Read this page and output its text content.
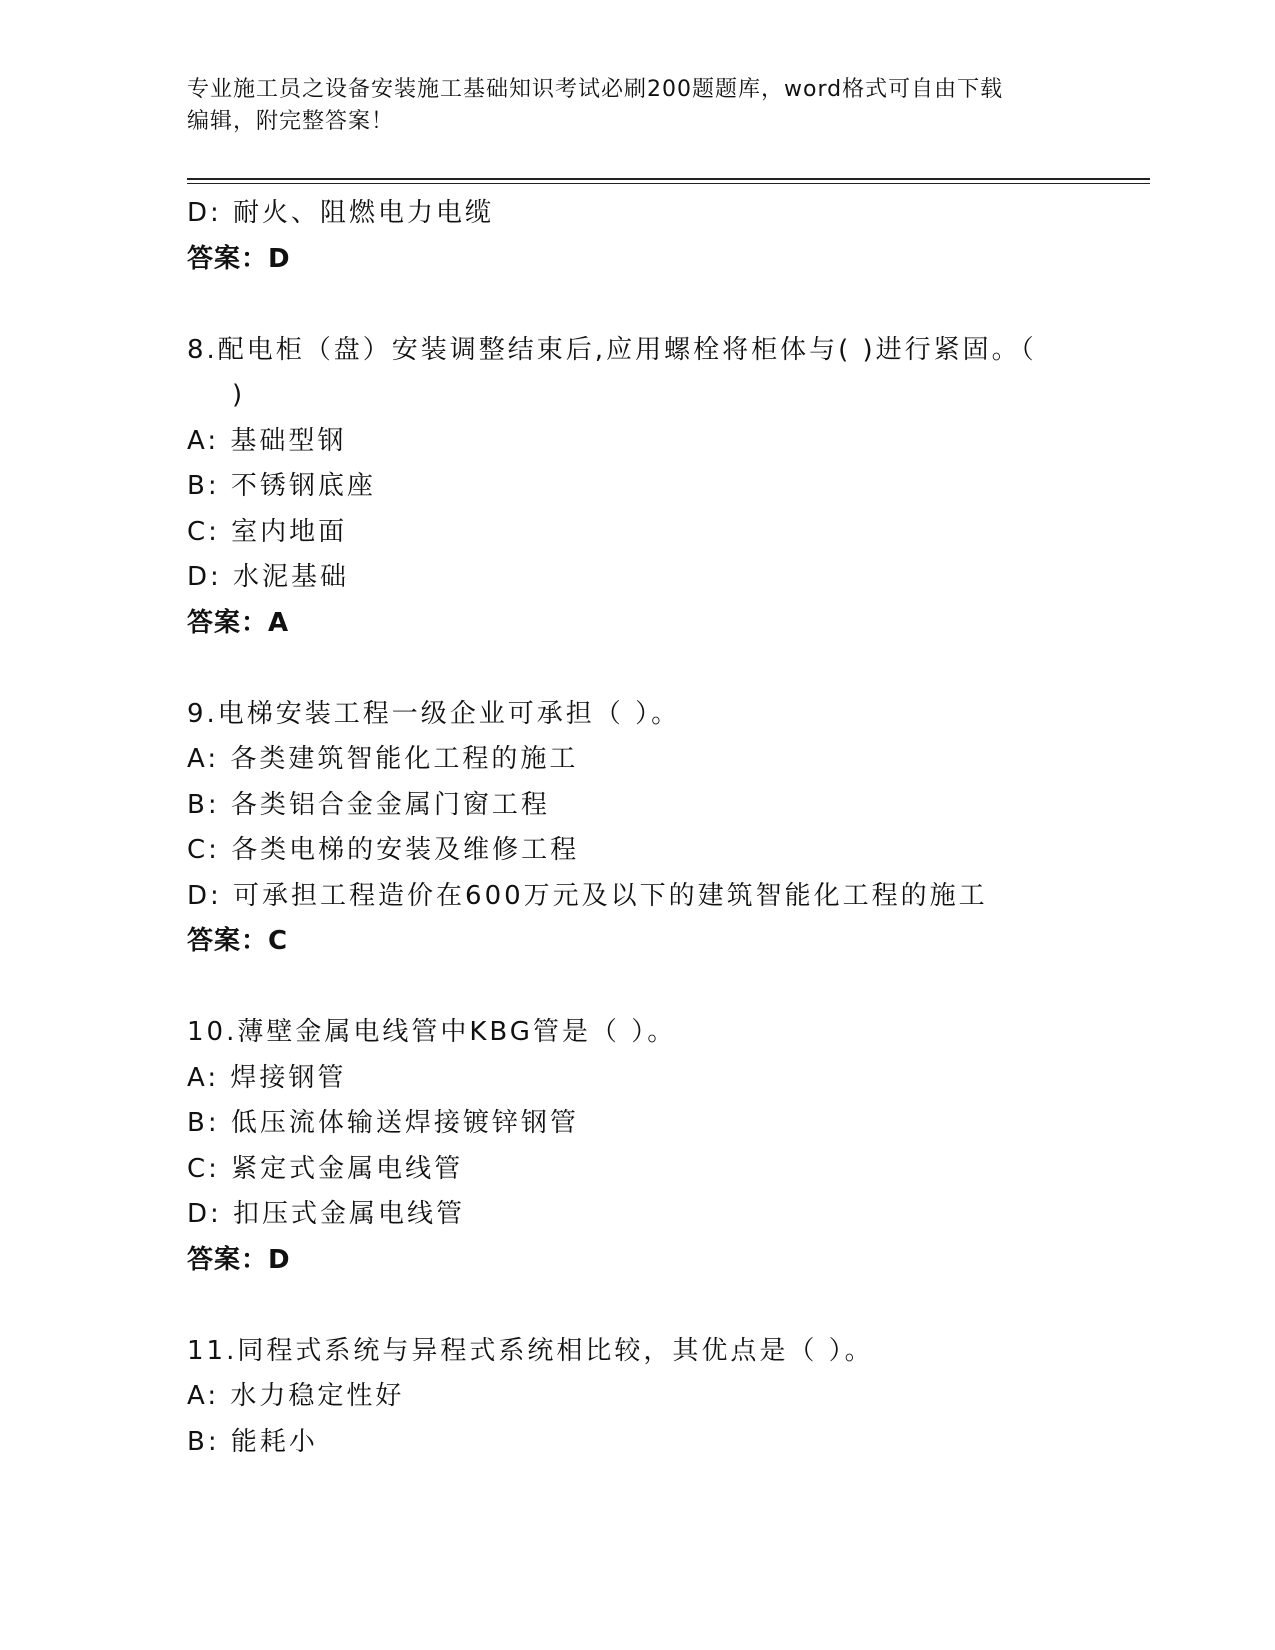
专业施工员之设备安装施工基础知识考试必刷200题题库，word格式可自由下载
编辑，附完整答案！
D: 耐火、阻燃电力电缆
答案：D
8.配电柜（盘）安装调整结束后,应用螺栓将柜体与( )进行紧固。（
)
A: 基础型钢
B: 不锈钢底座
C: 室内地面
D: 水泥基础
答案：A
9.电梯安装工程一级企业可承担（ ）。
A: 各类建筑智能化工程的施工
B: 各类铝合金金属门窗工程
C: 各类电梯的安装及维修工程
D: 可承担工程造价在600万元及以下的建筑智能化工程的施工
答案：C
10.薄壁金属电线管中KBG管是（ ）。
A: 焊接钢管
B: 低压流体输送焊接镀锌钢管
C: 紧定式金属电线管
D: 扣压式金属电线管
答案：D
11.同程式系统与异程式系统相比较，其优点是（ ）。
A: 水力稳定性好
B: 能耗小
